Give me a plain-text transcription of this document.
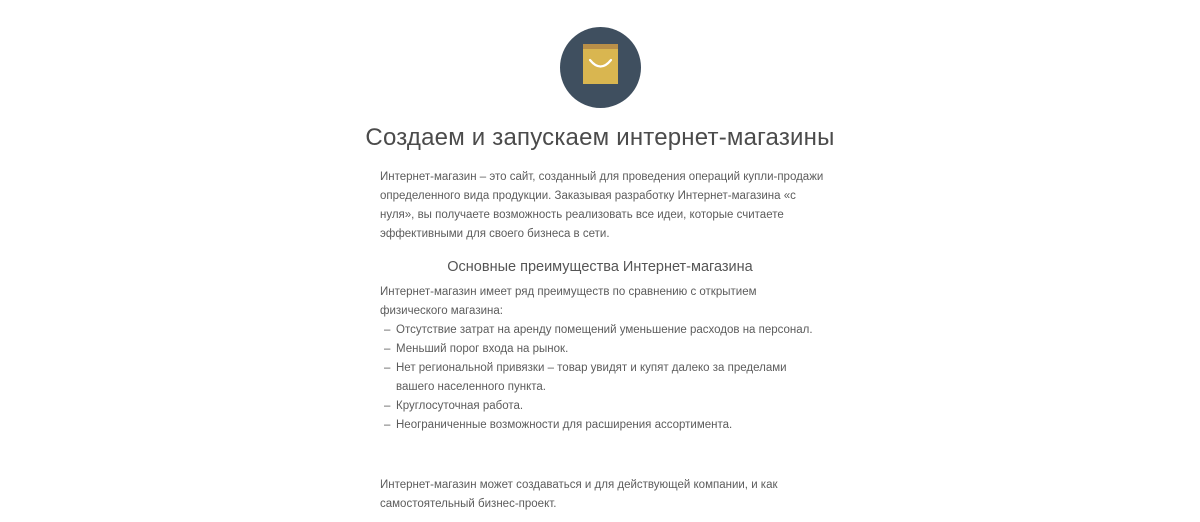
Создаем и запускаем интернет-магазины

Интернет-магазин – это сайт, созданный для проведения операций купли-продажи определенного вида продукции. Заказывая разработку Интернет-магазина «с нуля», вы получаете возможность реализовать все идеи, которые считаете эффективными для своего бизнеса в сети.

Основные преимущества Интернет-магазина

Интернет-магазин имеет ряд преимуществ по сравнению с открытием физического магазина:

– Отсутствие затрат на аренду помещений уменьшение расходов на персонал.
– Меньший порог входа на рынок.
– Нет региональной привязки – товар увидят и купят далеко за пределами вашего населенного пункта.
– Круглосуточная работа.
– Неограниченные возможности для расширения ассортимента.

Интернет-магазин может создаваться и для действующей компании, и как самостоятельный бизнес-проект.
